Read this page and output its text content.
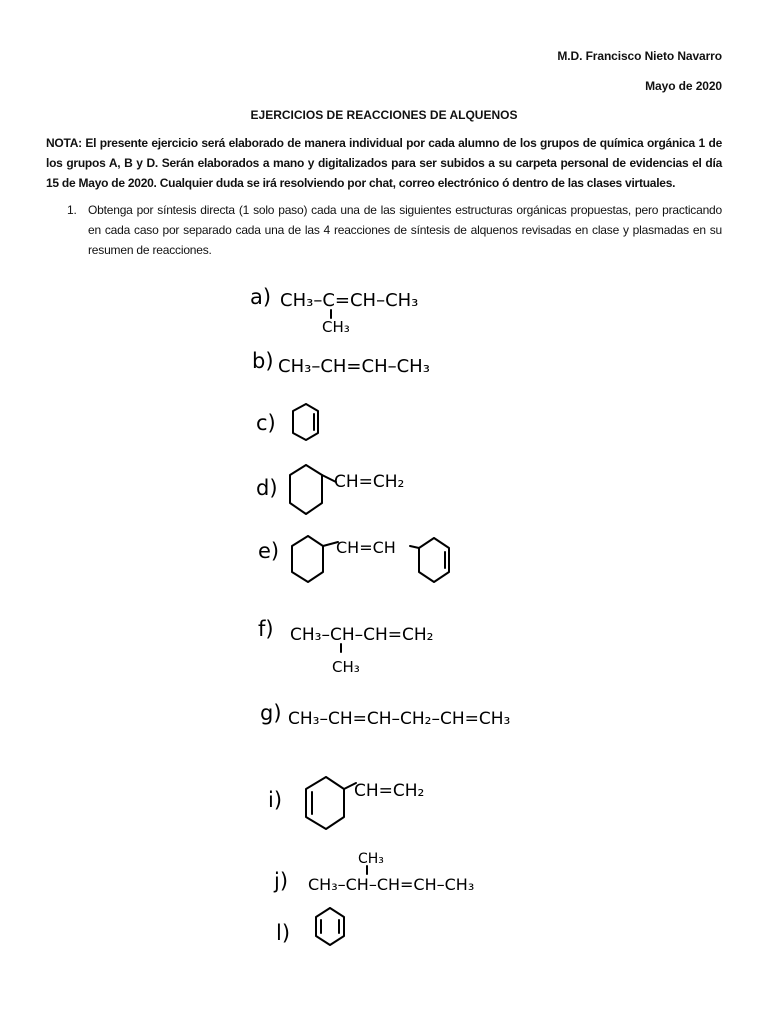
M.D. Francisco Nieto Navarro
Mayo de 2020
EJERCICIOS DE REACCIONES DE ALQUENOS
NOTA: El presente ejercicio será elaborado de manera individual por cada alumno de los grupos de química orgánica 1 de los grupos A, B y D. Serán elaborados a mano y digitalizados para ser subidos a su carpeta personal de evidencias el día 15 de Mayo de 2020. Cualquier duda se irá resolviendo por chat, correo electrónico ó dentro de las clases virtuales.
1. Obtenga por síntesis directa (1 solo paso) cada una de las siguientes estructuras orgánicas propuestas, pero practicando en cada caso por separado cada una de las 4 reacciones de síntesis de alquenos revisadas en clase y plasmadas en su resumen de reacciones.
a) CH₃–C=CH–CH₃
CH₃
b) CH₃–CH=CH–CH₃
c)
d)	CH=CH₂
e)	CH=CH
f) CH₃–CH–CH=CH₂
CH₃
g) CH₃–CH=CH–CH₂–CH=CH₃
i)	CH=CH₂
CH₃
j) CH₃–CH–CH=CH–CH₃
l)
